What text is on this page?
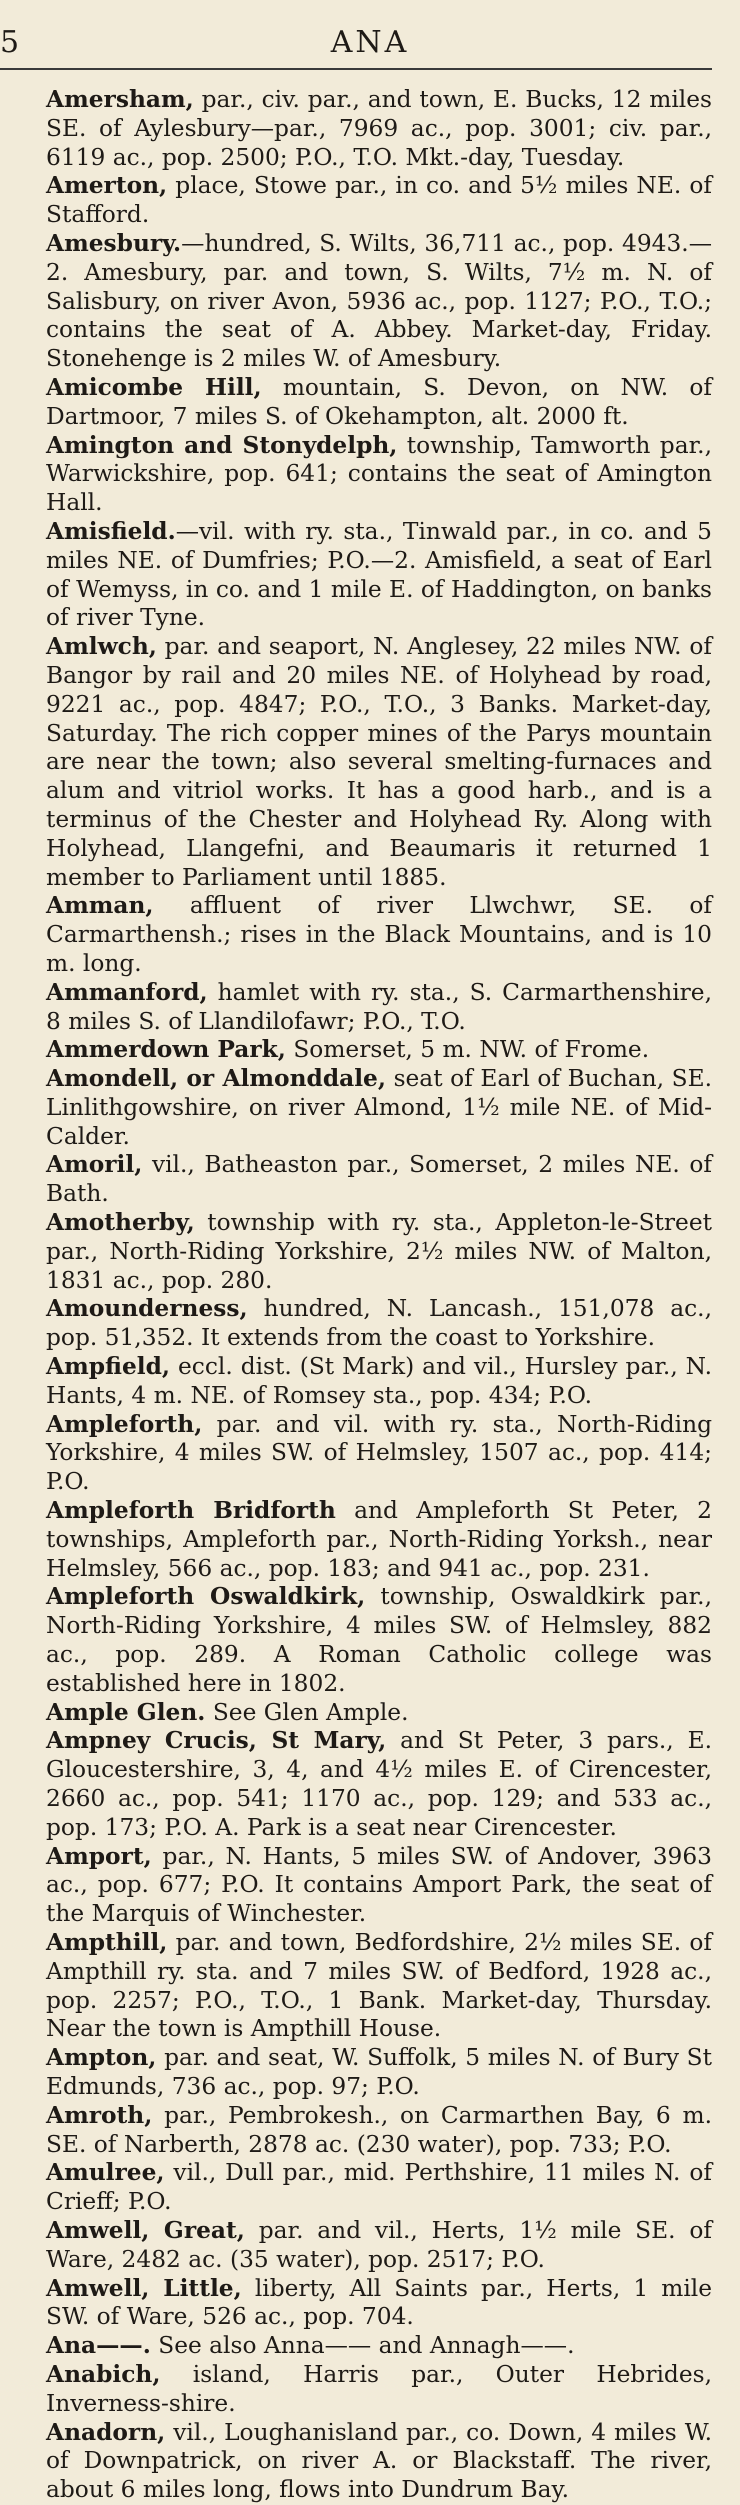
5	ANA

Amersham, par., civ. par., and town, E. Bucks, 12 miles SE. of Aylesbury—par., 7969 ac., pop. 3001; civ. par., 6119 ac., pop. 2500; P.O., T.O. Mkt.-day, Tuesday.

Amerton, place, Stowe par., in co. and 5½ miles NE. of Stafford.

Amesbury.—hundred, S. Wilts, 36,711 ac., pop. 4943.—2. Amesbury, par. and town, S. Wilts, 7½ m. N. of Salisbury, on river Avon, 5936 ac., pop. 1127; P.O., T.O.; contains the seat of A. Abbey. Market-day, Friday. Stonehenge is 2 miles W. of Amesbury.

Amicombe Hill, mountain, S. Devon, on NW. of Dartmoor, 7 miles S. of Okehampton, alt. 2000 ft.

Amington and Stonydelph, township, Tamworth par., Warwickshire, pop. 641; contains the seat of Amington Hall.

Amisfield.—vil. with ry. sta., Tinwald par., in co. and 5 miles NE. of Dumfries; P.O.—2. Amisfield, a seat of Earl of Wemyss, in co. and 1 mile E. of Haddington, on banks of river Tyne.

Amlwch, par. and seaport, N. Anglesey, 22 miles NW. of Bangor by rail and 20 miles NE. of Holyhead by road, 9221 ac., pop. 4847; P.O., T.O., 3 Banks. Market-day, Saturday. The rich copper mines of the Parys mountain are near the town; also several smelting-furnaces and alum and vitriol works. It has a good harb., and is a terminus of the Chester and Holyhead Ry. Along with Holyhead, Llangefni, and Beaumaris it returned 1 member to Parliament until 1885.

Amman, affluent of river Llwchwr, SE. of Carmarthensh.; rises in the Black Mountains, and is 10 m. long.

Ammanford, hamlet with ry. sta., S. Carmarthenshire, 8 miles S. of Llandilofawr; P.O., T.O.

Ammerdown Park, Somerset, 5 m. NW. of Frome.

Amondell, or Almonddale, seat of Earl of Buchan, SE. Linlithgowshire, on river Almond, 1½ mile NE. of Mid-Calder.

Amoril, vil., Batheaston par., Somerset, 2 miles NE. of Bath.

Amotherby, township with ry. sta., Appleton-le-Street par., North-Riding Yorkshire, 2½ miles NW. of Malton, 1831 ac., pop. 280.

Amounderness, hundred, N. Lancash., 151,078 ac., pop. 51,352. It extends from the coast to Yorkshire.

Ampfield, eccl. dist. (St Mark) and vil., Hursley par., N. Hants, 4 m. NE. of Romsey sta., pop. 434; P.O.

Ampleforth, par. and vil. with ry. sta., North-Riding Yorkshire, 4 miles SW. of Helmsley, 1507 ac., pop. 414; P.O.

Ampleforth Bridforth and Ampleforth St Peter, 2 townships, Ampleforth par., North-Riding Yorksh., near Helmsley, 566 ac., pop. 183; and 941 ac., pop. 231.

Ampleforth Oswaldkirk, township, Oswaldkirk par., North-Riding Yorkshire, 4 miles SW. of Helmsley, 882 ac., pop. 289. A Roman Catholic college was established here in 1802.

Ample Glen. See Glen Ample.

Ampney Crucis, St Mary, and St Peter, 3 pars., E. Gloucestershire, 3, 4, and 4½ miles E. of Cirencester, 2660 ac., pop. 541; 1170 ac., pop. 129; and 533 ac., pop. 173; P.O. A. Park is a seat near Cirencester.

Amport, par., N. Hants, 5 miles SW. of Andover, 3963 ac., pop. 677; P.O. It contains Amport Park, the seat of the Marquis of Winchester.

Ampthill, par. and town, Bedfordshire, 2½ miles SE. of Ampthill ry. sta. and 7 miles SW. of Bedford, 1928 ac., pop. 2257; P.O., T.O., 1 Bank. Market-day, Thursday. Near the town is Ampthill House.

Ampton, par. and seat, W. Suffolk, 5 miles N. of Bury St Edmunds, 736 ac., pop. 97; P.O.

Amroth, par., Pembrokesh., on Carmarthen Bay, 6 m. SE. of Narberth, 2878 ac. (230 water), pop. 733; P.O.

Amulree, vil., Dull par., mid. Perthshire, 11 miles N. of Crieff; P.O.

Amwell, Great, par. and vil., Herts, 1½ mile SE. of Ware, 2482 ac. (35 water), pop. 2517; P.O.

Amwell, Little, liberty, All Saints par., Herts, 1 mile SW. of Ware, 526 ac., pop. 704.

Ana——. See also Anna—— and Annagh——.

Anabich, island, Harris par., Outer Hebrides, Inverness-shire.

Anadorn, vil., Loughanisland par., co. Down, 4 miles W. of Downpatrick, on river A. or Blackstaff. The river, about 6 miles long, flows into Dundrum Bay.
